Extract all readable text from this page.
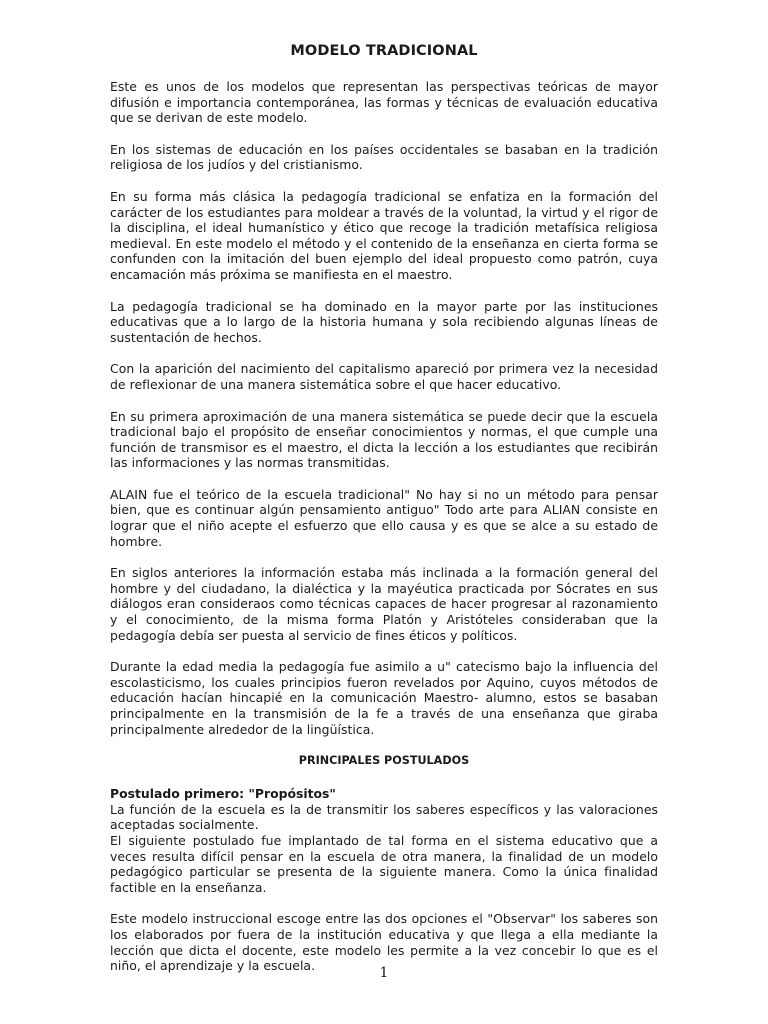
MODELO TRADICIONAL

Este es unos de los modelos que representan las perspectivas teóricas de mayor difusión e importancia contemporánea, las formas y técnicas de evaluación educativa que se derivan de este modelo.

En los sistemas de educación en los países occidentales se basaban en la tradición religiosa de los judíos y del cristianismo.

En su forma más clásica la pedagogía tradicional se enfatiza en la formación del carácter de los estudiantes para moldear a través de la voluntad, la virtud y el rigor de la disciplina, el ideal humanístico y ético que recoge la tradición metafísica religiosa medieval. En este modelo el método y el contenido de la enseñanza en cierta forma se confunden con la imitación del buen ejemplo del ideal propuesto como patrón, cuya encamación más próxima se manifiesta en el maestro.

La pedagogía tradicional se ha dominado en la mayor parte por las instituciones educativas que a lo largo de la historia humana y sola recibiendo algunas líneas de sustentación de hechos.

Con la aparición del nacimiento del capitalismo apareció por primera vez la necesidad de reflexionar de una manera sistemática sobre el que hacer educativo.

En su primera aproximación de una manera sistemática se puede decir que la escuela tradicional bajo el propósito de enseñar conocimientos y normas, el que cumple una función de transmisor es el maestro, el dicta la lección a los estudiantes que recibirán las informaciones y las normas transmitidas.

ALAIN fue el teórico de la escuela tradicional" No hay si no un método para pensar bien, que es continuar algún pensamiento antiguo" Todo arte para ALIAN consiste en lograr que el niño acepte el esfuerzo que ello causa y es que se alce a su estado de hombre.

En siglos anteriores la información estaba más inclinada a la formación general del hombre y del ciudadano, la dialéctica y la mayéutica practicada por Sócrates en sus diálogos eran consideraos como técnicas capaces de hacer progresar al razonamiento y el conocimiento, de la misma forma Platón y Aristóteles consideraban que la pedagogía debía ser puesta al servicio de fines éticos y políticos.

Durante la edad media la pedagogía fue asimilo a u" catecismo bajo la influencia del escolasticismo, los cuales principios fueron revelados por Aquino, cuyos métodos de educación hacían hincapié en la comunicación Maestro- alumno, estos se basaban principalmente en la transmisión de la fe a través de una enseñanza que giraba principalmente alrededor de la lingüística.

PRINCIPALES POSTULADOS

Postulado primero: "Propósitos"

La función de la escuela es la de transmitir los saberes específicos y las valoraciones aceptadas socialmente.

El siguiente postulado fue implantado de tal forma en el sistema educativo que a veces resulta difícil pensar en la escuela de otra manera, la finalidad de un modelo pedagógico particular se presenta de la siguiente manera. Como la única finalidad factible en la enseñanza.

Este modelo instruccional escoge entre las dos opciones el "Observar" los saberes son los elaborados por fuera de la institución educativa y que llega a ella mediante la lección que dicta el docente, este modelo les permite a la vez concebir lo que es el niño, el aprendizaje y la escuela.	1
